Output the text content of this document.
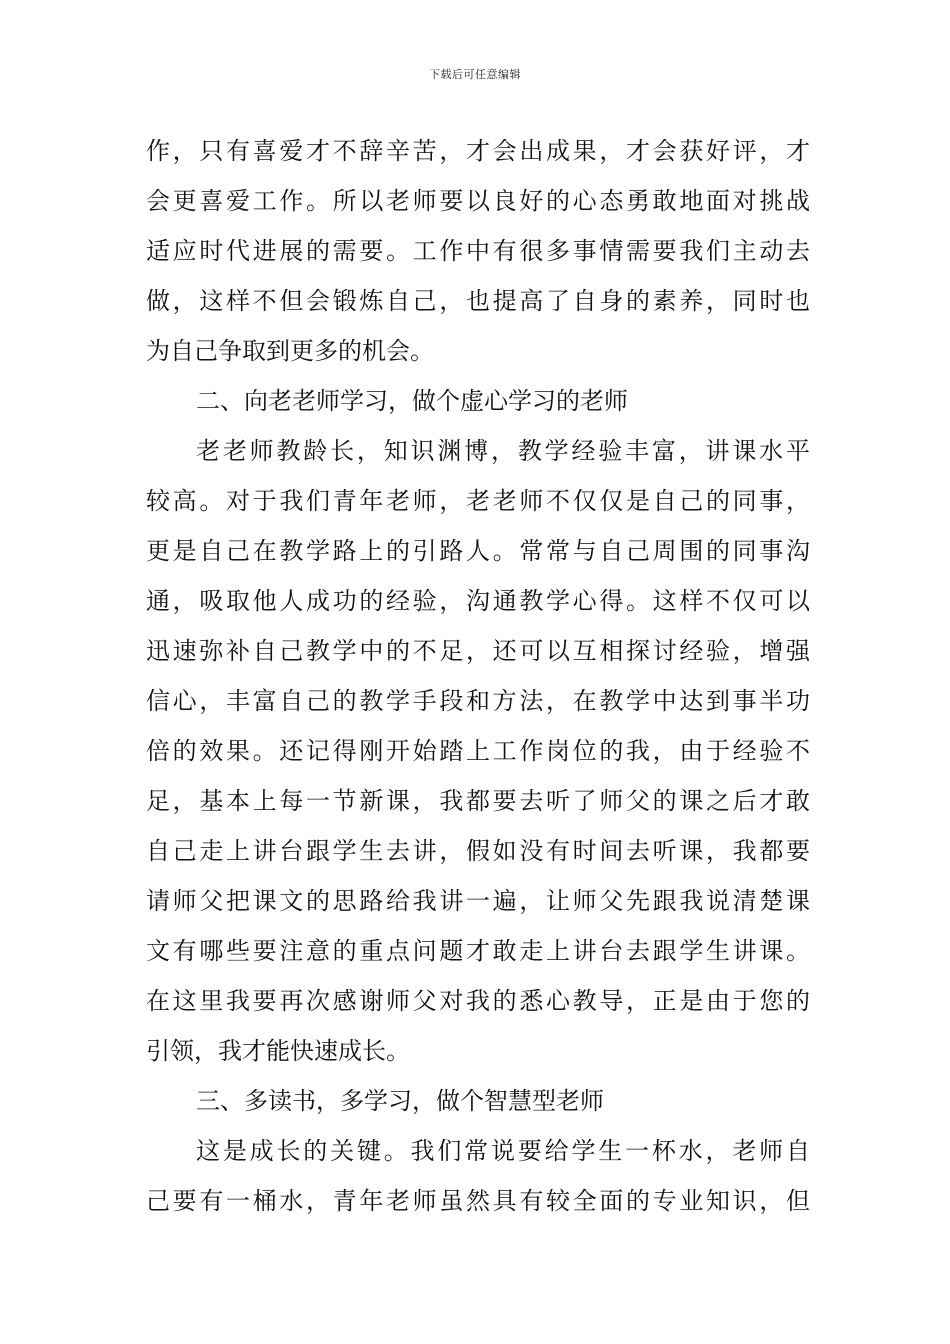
下载后可任意编辑
作，只有喜爱才不辞辛苦，才会出成果，才会获好评，才
会更喜爱工作。所以老师要以良好的心态勇敢地面对挑战
适应时代进展的需要。工作中有很多事情需要我们主动去
做，这样不但会锻炼自己，也提高了自身的素养，同时也
为自己争取到更多的机会。
二、向老老师学习，做个虚心学习的老师
老老师教龄长，知识渊博，教学经验丰富，讲课水平
较高。对于我们青年老师，老老师不仅仅是自己的同事，
更是自己在教学路上的引路人。常常与自己周围的同事沟
通，吸取他人成功的经验，沟通教学心得。这样不仅可以
迅速弥补自己教学中的不足，还可以互相探讨经验，增强
信心，丰富自己的教学手段和方法，在教学中达到事半功
倍的效果。还记得刚开始踏上工作岗位的我，由于经验不
足，基本上每一节新课，我都要去听了师父的课之后才敢
自己走上讲台跟学生去讲，假如没有时间去听课，我都要
请师父把课文的思路给我讲一遍，让师父先跟我说清楚课
文有哪些要注意的重点问题才敢走上讲台去跟学生讲课。
在这里我要再次感谢师父对我的悉心教导，正是由于您的
引领，我才能快速成长。
三、多读书，多学习，做个智慧型老师
这是成长的关键。我们常说要给学生一杯水，老师自
己要有一桶水，青年老师虽然具有较全面的专业知识，但
